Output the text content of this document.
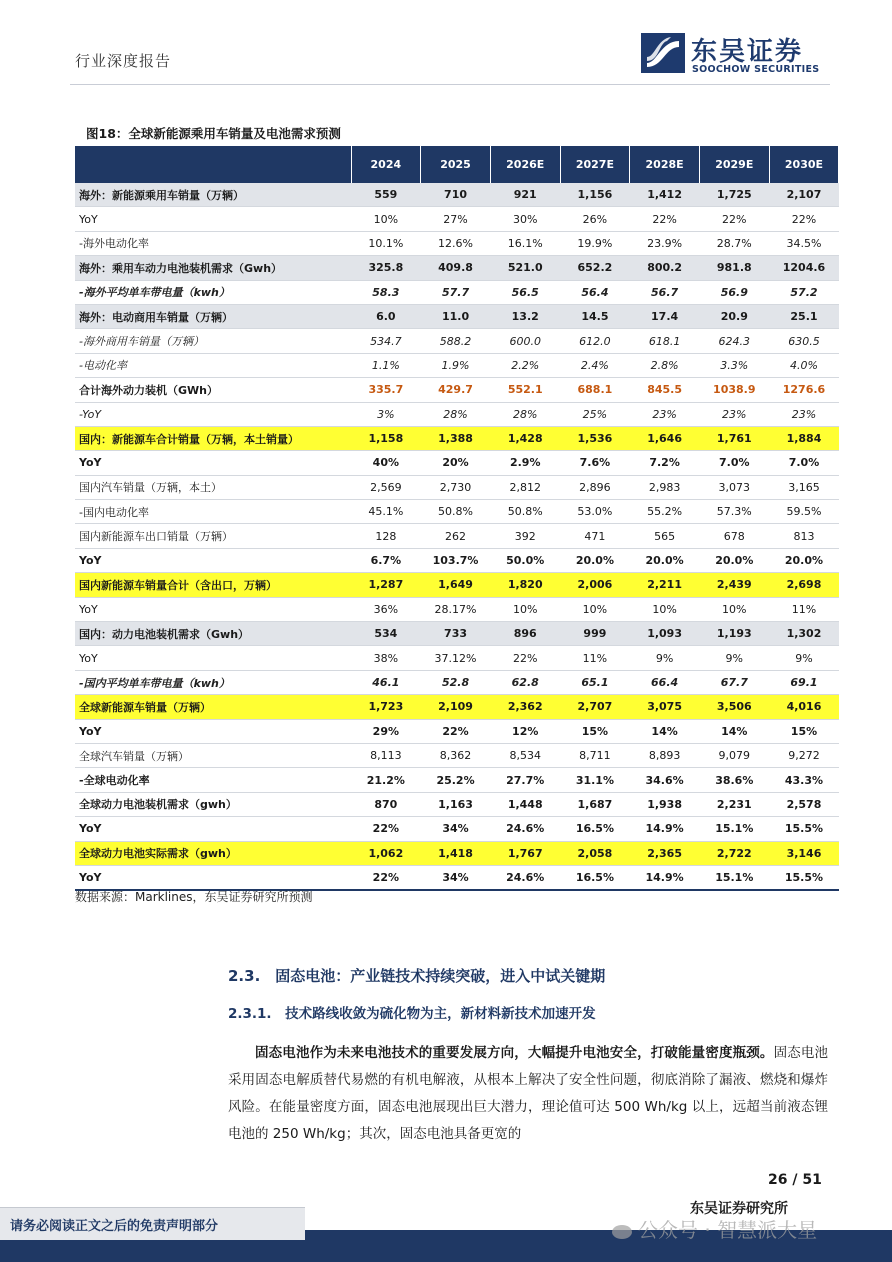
行业深度报告	东吴证券
SOOCHOW SECURITIES
图18：全球新能源乘用车销量及电池需求预测
	2024	2025	2026E	2027E	2028E	2029E	2030E
海外：新能源乘用车销量（万辆）	559	710	921	1,156	1,412	1,725	2,107
YoY	10%	27%	30%	26%	22%	22%	22%
-海外电动化率	10.1%	12.6%	16.1%	19.9%	23.9%	28.7%	34.5%
海外：乘用车动力电池装机需求（Gwh）	325.8	409.8	521.0	652.2	800.2	981.8	1204.6
-海外平均单车带电量（kwh）	58.3	57.7	56.5	56.4	56.7	56.9	57.2
海外：电动商用车销量（万辆）	6.0	11.0	13.2	14.5	17.4	20.9	25.1
-海外商用车销量（万辆）	534.7	588.2	600.0	612.0	618.1	624.3	630.5
-电动化率	1.1%	1.9%	2.2%	2.4%	2.8%	3.3%	4.0%
合计海外动力装机（GWh）	335.7	429.7	552.1	688.1	845.5	1038.9	1276.6
-YoY	3%	28%	28%	25%	23%	23%	23%
国内：新能源车合计销量（万辆，本土销量）	1,158	1,388	1,428	1,536	1,646	1,761	1,884
YoY	40%	20%	2.9%	7.6%	7.2%	7.0%	7.0%
国内汽车销量（万辆，本土）	2,569	2,730	2,812	2,896	2,983	3,073	3,165
-国内电动化率	45.1%	50.8%	50.8%	53.0%	55.2%	57.3%	59.5%
国内新能源车出口销量（万辆）	128	262	392	471	565	678	813
YoY	6.7%	103.7%	50.0%	20.0%	20.0%	20.0%	20.0%
国内新能源车销量合计（含出口，万辆）	1,287	1,649	1,820	2,006	2,211	2,439	2,698
YoY	36%	28.17%	10%	10%	10%	10%	11%
国内：动力电池装机需求（Gwh）	534	733	896	999	1,093	1,193	1,302
YoY	38%	37.12%	22%	11%	9%	9%	9%
-国内平均单车带电量（kwh）	46.1	52.8	62.8	65.1	66.4	67.7	69.1
全球新能源车销量（万辆）	1,723	2,109	2,362	2,707	3,075	3,506	4,016
YoY	29%	22%	12%	15%	14%	14%	15%
全球汽车销量（万辆）	8,113	8,362	8,534	8,711	8,893	9,079	9,272
-全球电动化率	21.2%	25.2%	27.7%	31.1%	34.6%	38.6%	43.3%
全球动力电池装机需求（gwh）	870	1,163	1,448	1,687	1,938	2,231	2,578
YoY	22%	34%	24.6%	16.5%	14.9%	15.1%	15.5%
全球动力电池实际需求（gwh）	1,062	1,418	1,767	2,058	2,365	2,722	3,146
YoY	22%	34%	24.6%	16.5%	14.9%	15.1%	15.5%
数据来源：Marklines，东吴证券研究所预测
2.3.　固态电池：产业链技术持续突破，进入中试关键期
2.3.1.　技术路线收敛为硫化物为主，新材料新技术加速开发
固态电池作为未来电池技术的重要发展方向，大幅提升电池安全，打破能量密度瓶颈。固态电池采用固态电解质替代易燃的有机电解液，从根本上解决了安全性问题，彻底消除了漏液、燃烧和爆炸风险。在能量密度方面，固态电池展现出巨大潜力，理论值可达 500 Wh/kg 以上，远超当前液态锂电池的 250 Wh/kg；其次，固态电池具备更宽的
26 / 51
东吴证券研究所
请务必阅读正文之后的免责声明部分	公众号 · 智慧派大星
